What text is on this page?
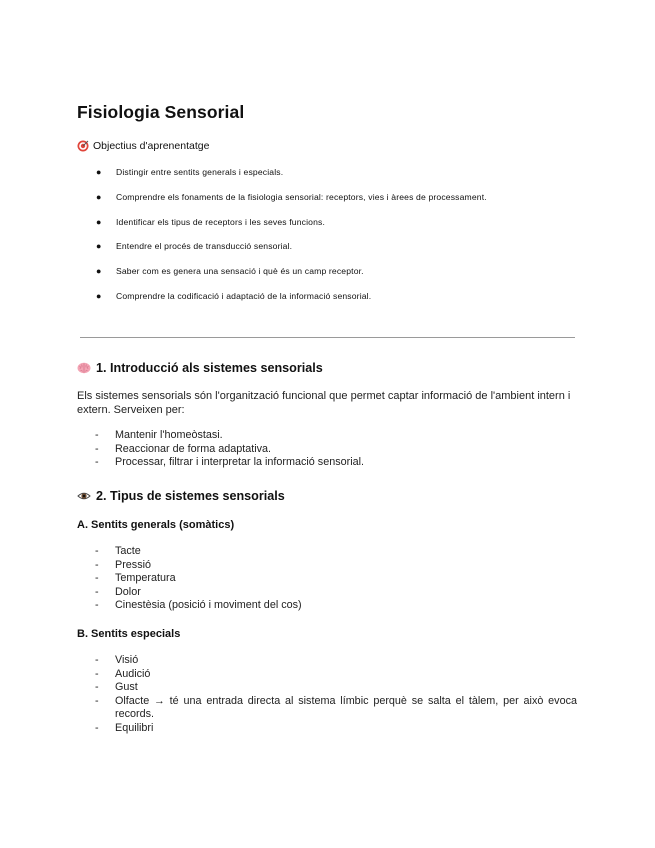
Fisiologia Sensorial
Objectius d'aprenentatge
● Distingir entre sentits generals i especials.
● Comprendre els fonaments de la fisiologia sensorial: receptors, vies i àrees de processament.
● Identificar els tipus de receptors i les seves funcions.
● Entendre el procés de transducció sensorial.
● Saber com es genera una sensació i què és un camp receptor.
● Comprendre la codificació i adaptació de la informació sensorial.
1. Introducció als sistemes sensorials
Els sistemes sensorials són l'organització funcional que permet captar informació de l'ambient intern i extern. Serveixen per:
- Mantenir l'homeòstasi.
- Reaccionar de forma adaptativa.
- Processar, filtrar i interpretar la informació sensorial.
2. Tipus de sistemes sensorials
A. Sentits generals (somàtics)
- Tacte
- Pressió
- Temperatura
- Dolor
- Cinestèsia (posició i moviment del cos)
B. Sentits especials
- Visió
- Audició
- Gust
- Olfacte → té una entrada directa al sistema límbic perquè se salta el tàlem, per això evoca records.
- Equilibri
